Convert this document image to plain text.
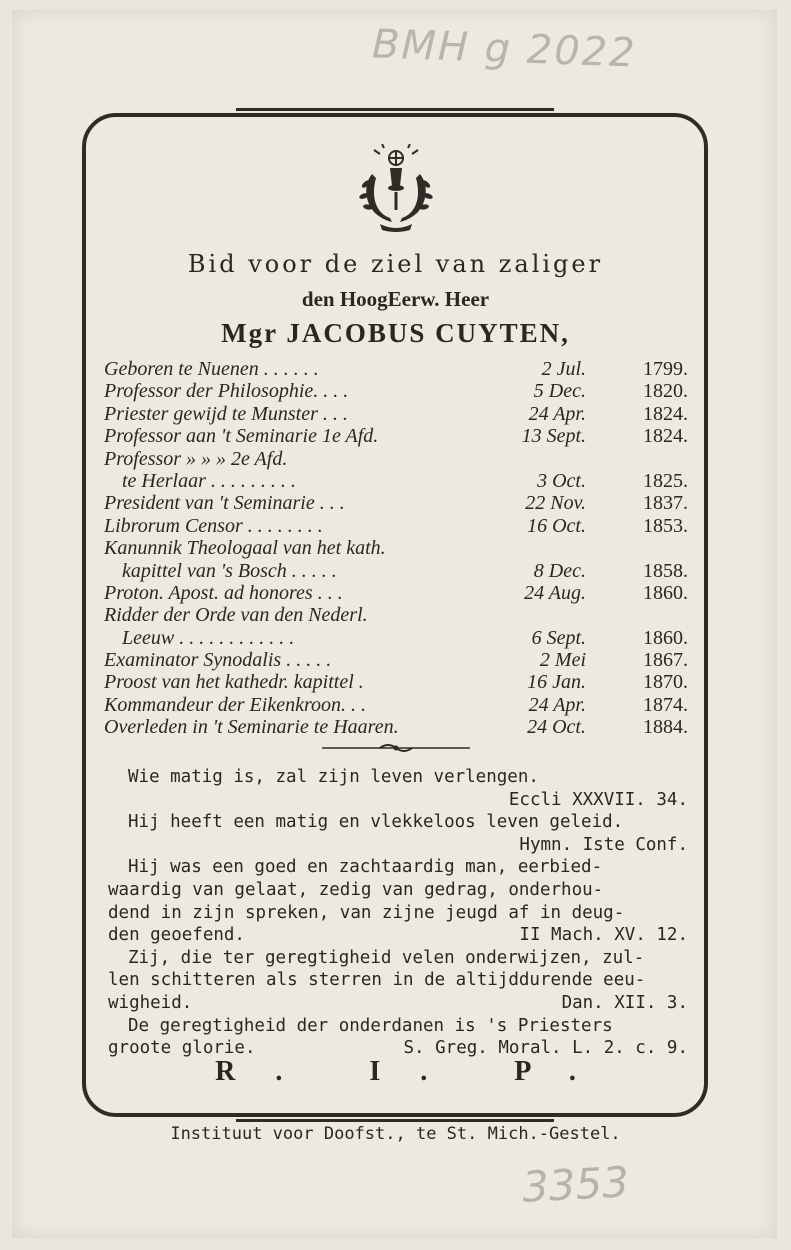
BMH g 2022
Bid voor de ziel van zaliger
den HoogEerw. Heer
Mgr JACOBUS CUYTEN,
Geboren te Nuenen . . . . . .	2 Jul.	1799.
Professor der Philosophie. . . .	5 Dec.	1820.
Priester gewijd te Munster . . .	24 Apr.	1824.
Professor aan 't Seminarie 1e Afd.	13 Sept.	1824.
Professor » » » 2e Afd.
te Herlaar . . . . . . . . .	3 Oct.	1825.
President van 't Seminarie . . .	22 Nov.	1837.
Librorum Censor . . . . . . . .	16 Oct.	1853.
Kanunnik Theologaal van het kath.
kapittel van 's Bosch . . . . .	8 Dec.	1858.
Proton. Apost. ad honores . . .	24 Aug.	1860.
Ridder der Orde van den Nederl.
Leeuw . . . . . . . . . . . .	6 Sept.	1860.
Examinator Synodalis . . . . .	2 Mei	1867.
Proost van het kathedr. kapittel .	16 Jan.	1870.
Kommandeur der Eikenkroon. . .	24 Apr.	1874.
Overleden in 't Seminarie te Haaren.	24 Oct.	1884.
Wie matig is, zal zijn leven verlengen.
Eccli XXXVII. 34.
Hij heeft een matig en vlekkeloos leven geleid.
Hymn. Iste Conf.
Hij was een goed en zachtaardig man, eerbied-
waardig van gelaat, zedig van gedrag, onderhou-
dend in zijn spreken, van zijne jeugd af in deug-
den geoefend.	II Mach. XV. 12.
Zij, die ter geregtigheid velen onderwijzen, zul-
len schitteren als sterren in de altijddurende eeu-
wigheid.	Dan. XII. 3.
De geregtigheid der onderdanen is 's Priesters
groote glorie.	S. Greg. Moral. L. 2. c. 9.
R. I. P.
Instituut voor Doofst., te St. Mich.-Gestel.
3353
